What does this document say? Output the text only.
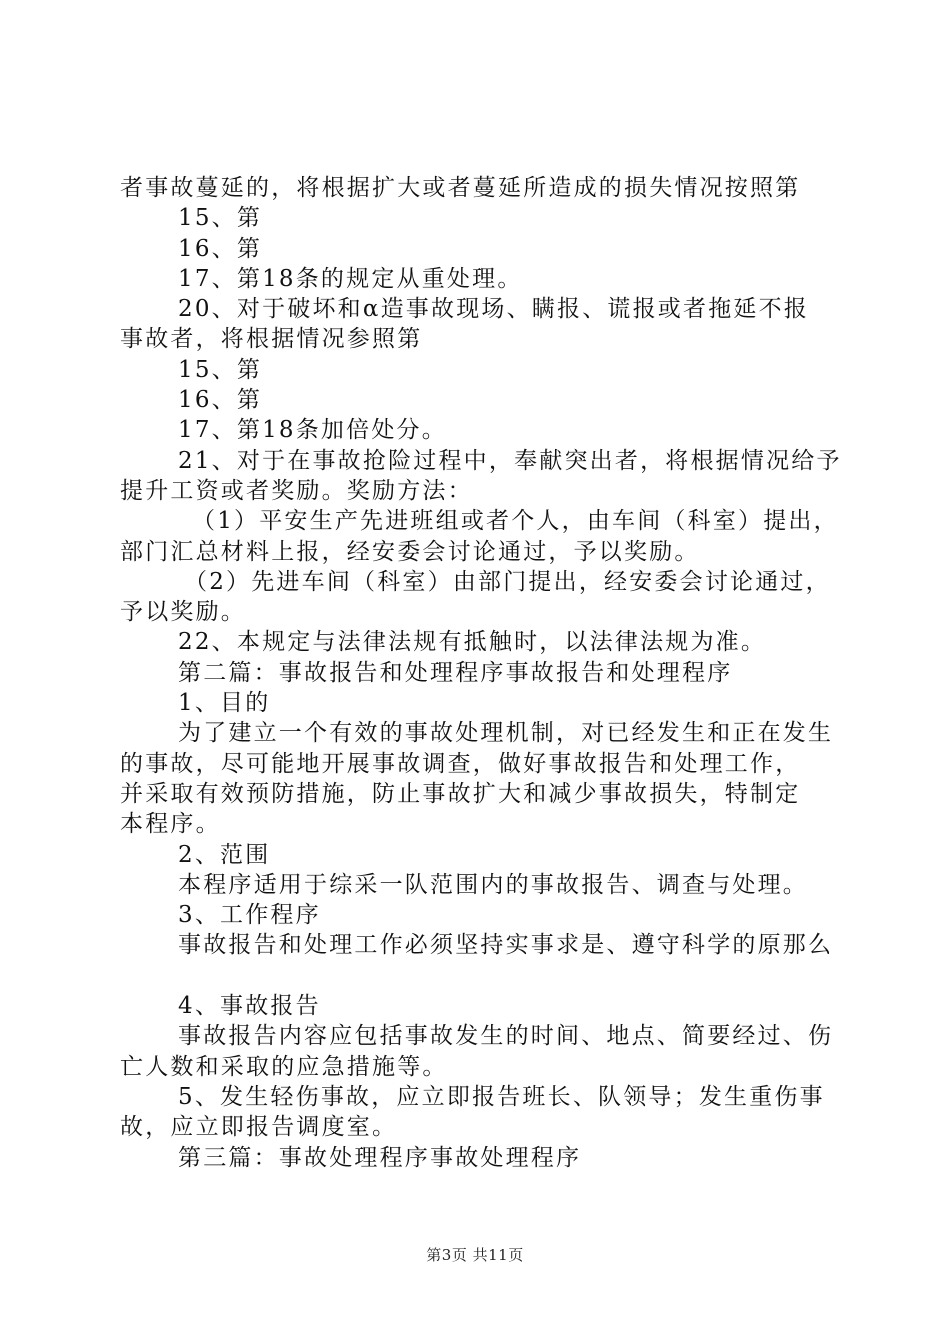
者事故蔓延的，将根据扩大或者蔓延所造成的损失情况按照第
15、第
16、第
17、第18条的规定从重处理。
20、对于破坏和α造事故现场、瞒报、谎报或者拖延不报
事故者，将根据情况参照第
15、第
16、第
17、第18条加倍处分。
21、对于在事故抢险过程中，奉献突出者，将根据情况给予
提升工资或者奖励。奖励方法：
（1）平安生产先进班组或者个人，由车间（科室）提出，
部门汇总材料上报，经安委会讨论通过，予以奖励。
（2）先进车间（科室）由部门提出，经安委会讨论通过，
予以奖励。
22、本规定与法律法规有抵触时，以法律法规为准。
第二篇：事故报告和处理程序事故报告和处理程序
1、目的
为了建立一个有效的事故处理机制，对已经发生和正在发生
的事故，尽可能地开展事故调查，做好事故报告和处理工作，
并采取有效预防措施，防止事故扩大和减少事故损失，特制定
本程序。
2、范围
本程序适用于综采一队范围内的事故报告、调查与处理。
3、工作程序
事故报告和处理工作必须坚持实事求是、遵守科学的原那么
4、事故报告
事故报告内容应包括事故发生的时间、地点、简要经过、伤
亡人数和采取的应急措施等。
5、发生轻伤事故，应立即报告班长、队领导；发生重伤事
故，应立即报告调度室。
第三篇：事故处理程序事故处理程序
第3页 共11页
